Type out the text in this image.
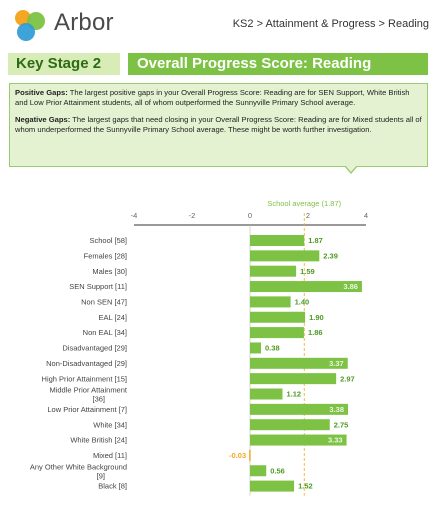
Arbor	KS2 > Attainment & Progress > Reading
Key Stage 2	Overall Progress Score: Reading

Positive Gaps: The largest positive gaps in your Overall Progress Score: Reading are for SEN Support, White British and Low Prior Attainment students, all of whom outperformed the Sunnyville Primary School average.

Negative Gaps: The largest gaps that need closing in your Overall Progress Score: Reading are for Mixed students all of whom underperformed the Sunnyville Primary School average. These might be worth further investigation.

-4	-2	0	2	4
School average (1.87)
School [58]	1.87
Females [28]	2.39
Males [30]	1.59
SEN Support [11]	3.86
Non SEN [47]	1.40
EAL [24]	1.90
Non EAL [34]	1.86
Disadvantaged [29]	0.38
Non-Disadvantaged [29]	3.37
High Prior Attainment [15]	2.97
Middle Prior Attainment
[36]
1.12
Low Prior Attainment [7]	3.38
White [34]	2.75
White British [24]	3.33
Mixed [11]	-0.03
Any Other White Background
[9]
0.56
Black [8]	1.52
